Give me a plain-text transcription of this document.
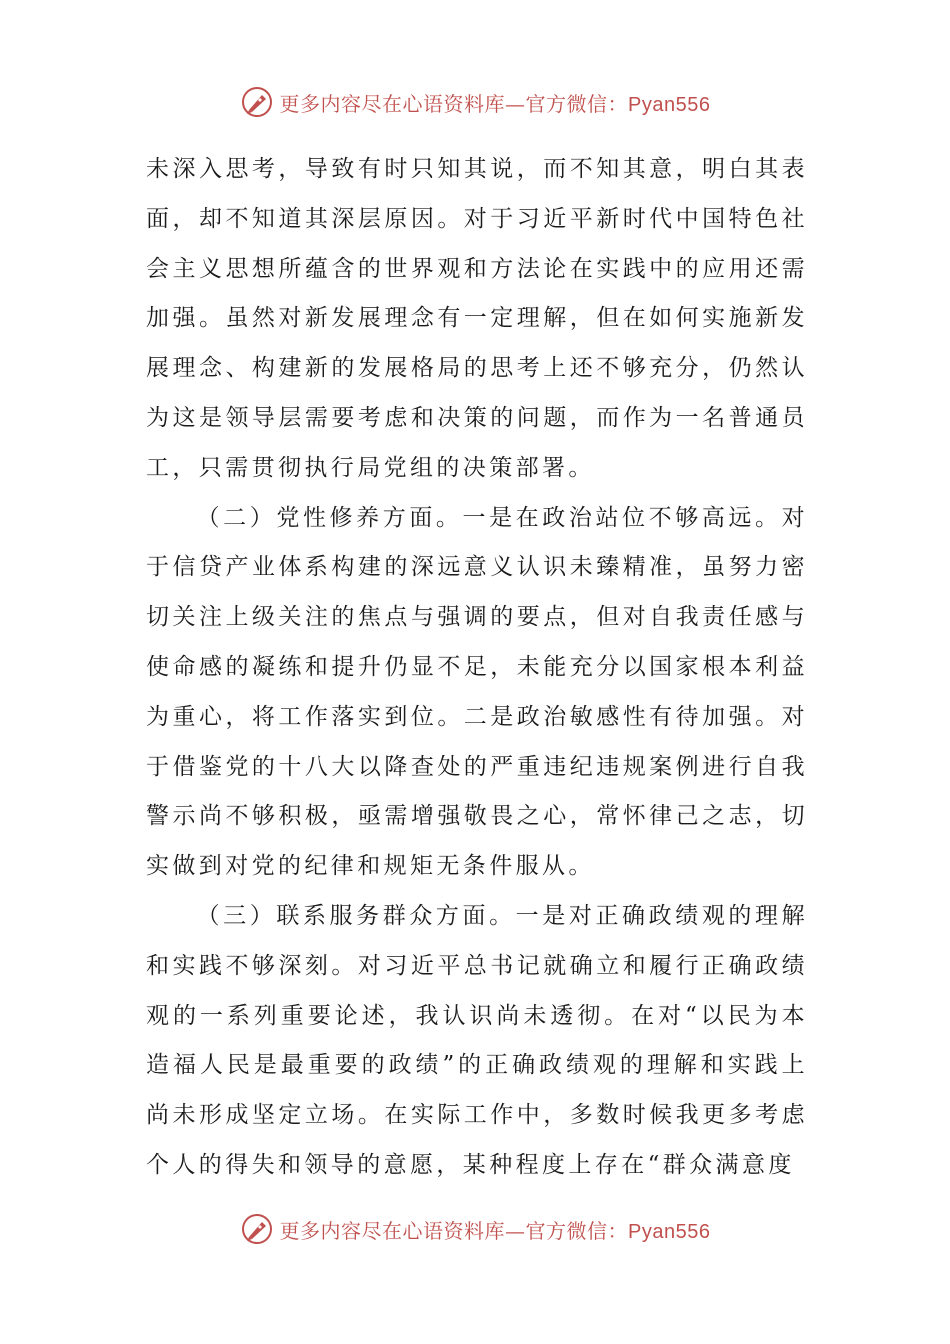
更多内容尽在心语资料库—官方微信：Pyan556

未深入思考，导致有时只知其说，而不知其意，明白其表面，却不知道其深层原因。对于习近平新时代中国特色社会主义思想所蕴含的世界观和方法论在实践中的应用还需加强。虽然对新发展理念有一定理解，但在如何实施新发展理念、构建新的发展格局的思考上还不够充分，仍然认为这是领导层需要考虑和决策的问题，而作为一名普通员工，只需贯彻执行局党组的决策部署。

（二）党性修养方面。一是在政治站位不够高远。对于信贷产业体系构建的深远意义认识未臻精准，虽努力密切关注上级关注的焦点与强调的要点，但对自我责任感与使命感的凝练和提升仍显不足，未能充分以国家根本利益为重心，将工作落实到位。二是政治敏感性有待加强。对于借鉴党的十八大以降查处的严重违纪违规案例进行自我警示尚不够积极，亟需增强敬畏之心，常怀律己之志，切实做到对党的纪律和规矩无条件服从。

（三）联系服务群众方面。一是对正确政绩观的理解和实践不够深刻。对习近平总书记就确立和履行正确政绩观的一系列重要论述，我认识尚未透彻。在对“以民为本造福人民是最重要的政绩”的正确政绩观的理解和实践上尚未形成坚定立场。在实际工作中，多数时候我更多考虑个人的得失和领导的意愿，某种程度上存在“群众满意度

更多内容尽在心语资料库—官方微信：Pyan556
